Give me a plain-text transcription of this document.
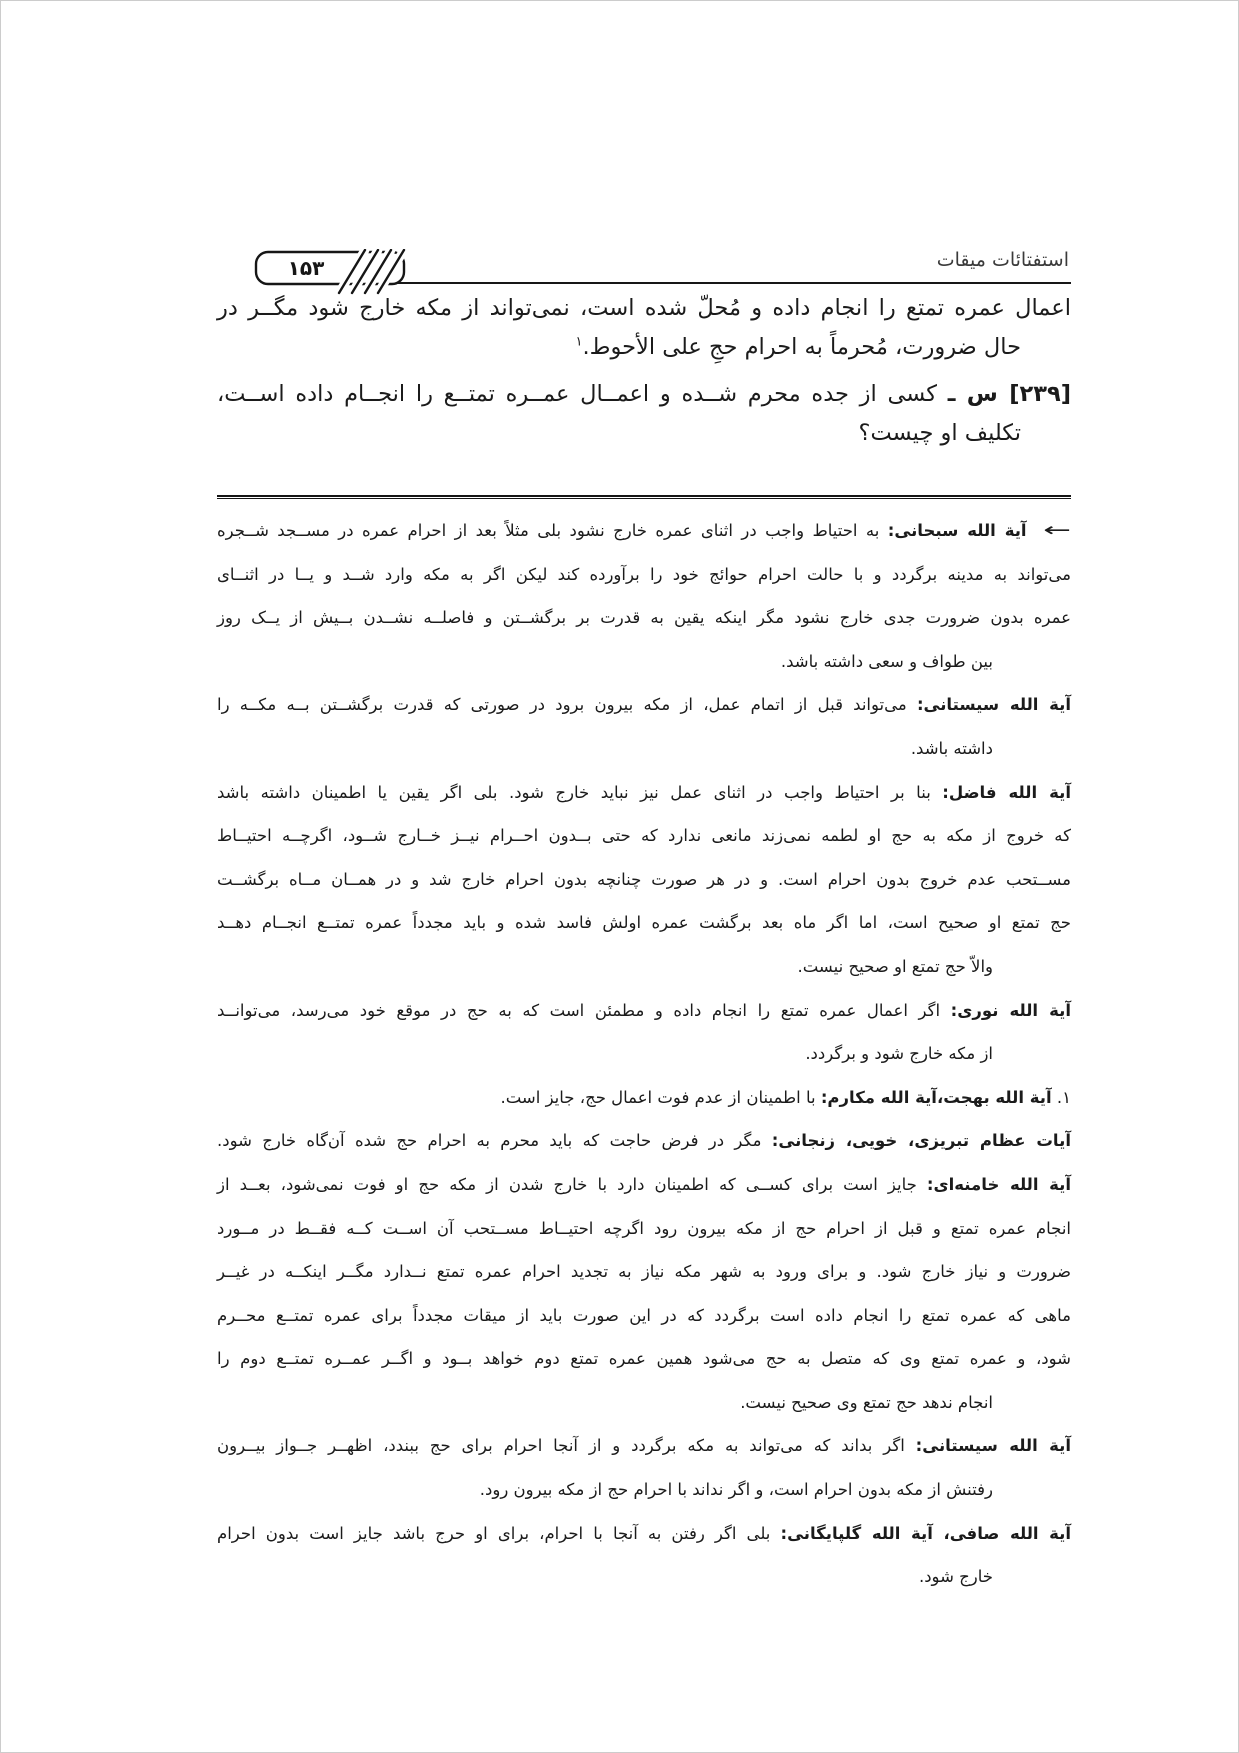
استفتائات میقات
۱۵۳
اعمال عمره تمتع را انجام داده و مُحلّ شده است، نمی‌تواند از مکه خارج شود مگــر در
حال ضرورت، مُحرماً به احرام حجِ علی الأحوط.$^۱$
[۲۳۹] س ـ کسی از جده محرم شــده و اعمــال عمــره تمتــع را انجــام داده اســت،
تکلیف او چیست؟
← آیة الله سبحانی: به احتیاط واجب در اثنای عمره خارج نشود بلی مثلاً بعد از احرام عمره در مســجد شــجره
می‌تواند به مدینه برگردد و با حالت احرام حوائج خود را برآورده کند لیکن اگر به مکه وارد شــد و یــا در اثنــای
عمره بدون ضرورت جدی خارج نشود مگر اینکه یقین به قدرت بر برگشــتن و فاصلــه نشــدن بــیش از یــک روز
بین طواف و سعی داشته باشد.
آیة الله سیستانی: می‌تواند قبل از اتمام عمل، از مکه بیرون برود در صورتی که قدرت برگشــتن بــه مکــه را
داشته باشد.
آیة الله فاضل: بنا بر احتیاط واجب در اثنای عمل نیز نباید خارج شود. بلی اگر یقین یا اطمینان داشته باشد
که خروج از مکه به حج او لطمه نمی‌زند مانعی ندارد که حتی بــدون احــرام نیــز خــارج شــود، اگرچــه احتیــاط
مســتحب عدم خروج بدون احرام است. و در هر صورت چنانچه بدون احرام خارج شد و در همــان مــاه برگشــت
حج تمتع او صحیح است، اما اگر ماه بعد برگشت عمره اولش فاسد شده و باید مجدداً عمره تمتــع انجــام دهــد
والاّ حج تمتع او صحیح نیست.
آیة الله نوری: اگر اعمال عمره تمتع را انجام داده و مطمئن است که به حج در موقع خود می‌رسد، می‌توانــد
از مکه خارج شود و برگردد.
۱. آیة الله بهجت،آیة الله مکارم: با اطمینان از عدم فوت اعمال حج، جایز است.
آیات عظام تبریزی، خویی، زنجانی: مگر در فرض حاجت که باید محرم به احرام حج شده آن‌گاه خارج شود.
آیة الله خامنه‌ای: جایز است برای کســی که اطمینان دارد با خارج شدن از مکه حج او فوت نمی‌شود، بعــد از
انجام عمره تمتع و قبل از احرام حج از مکه بیرون رود اگرچه احتیــاط مســتحب آن اســت کــه فقــط در مــورد
ضرورت و نیاز خارج شود. و برای ورود به شهر مکه نیاز به تجدید احرام عمره تمتع نــدارد مگــر اینکــه در غیــر
ماهی که عمره تمتع را انجام داده است برگردد که در این صورت باید از میقات مجدداً برای عمره تمتــع محــرم
شود، و عمره تمتع وی که متصل به حج می‌شود همین عمره تمتع دوم خواهد بــود و اگــر عمــره تمتــع دوم را
انجام ندهد حج تمتع وی صحیح نیست.
آیة الله سیستانی: اگر بداند که می‌تواند به مکه برگردد و از آنجا احرام برای حج ببندد، اظهــر جــواز بیــرون
رفتنش از مکه بدون احرام است، و اگر نداند با احرام حج از مکه بیرون رود.
آیة الله صافی، آیة الله گلپایگانی: بلی اگر رفتن به آنجا با احرام، برای او حرج باشد جایز است بدون احرام
خارج شود.
